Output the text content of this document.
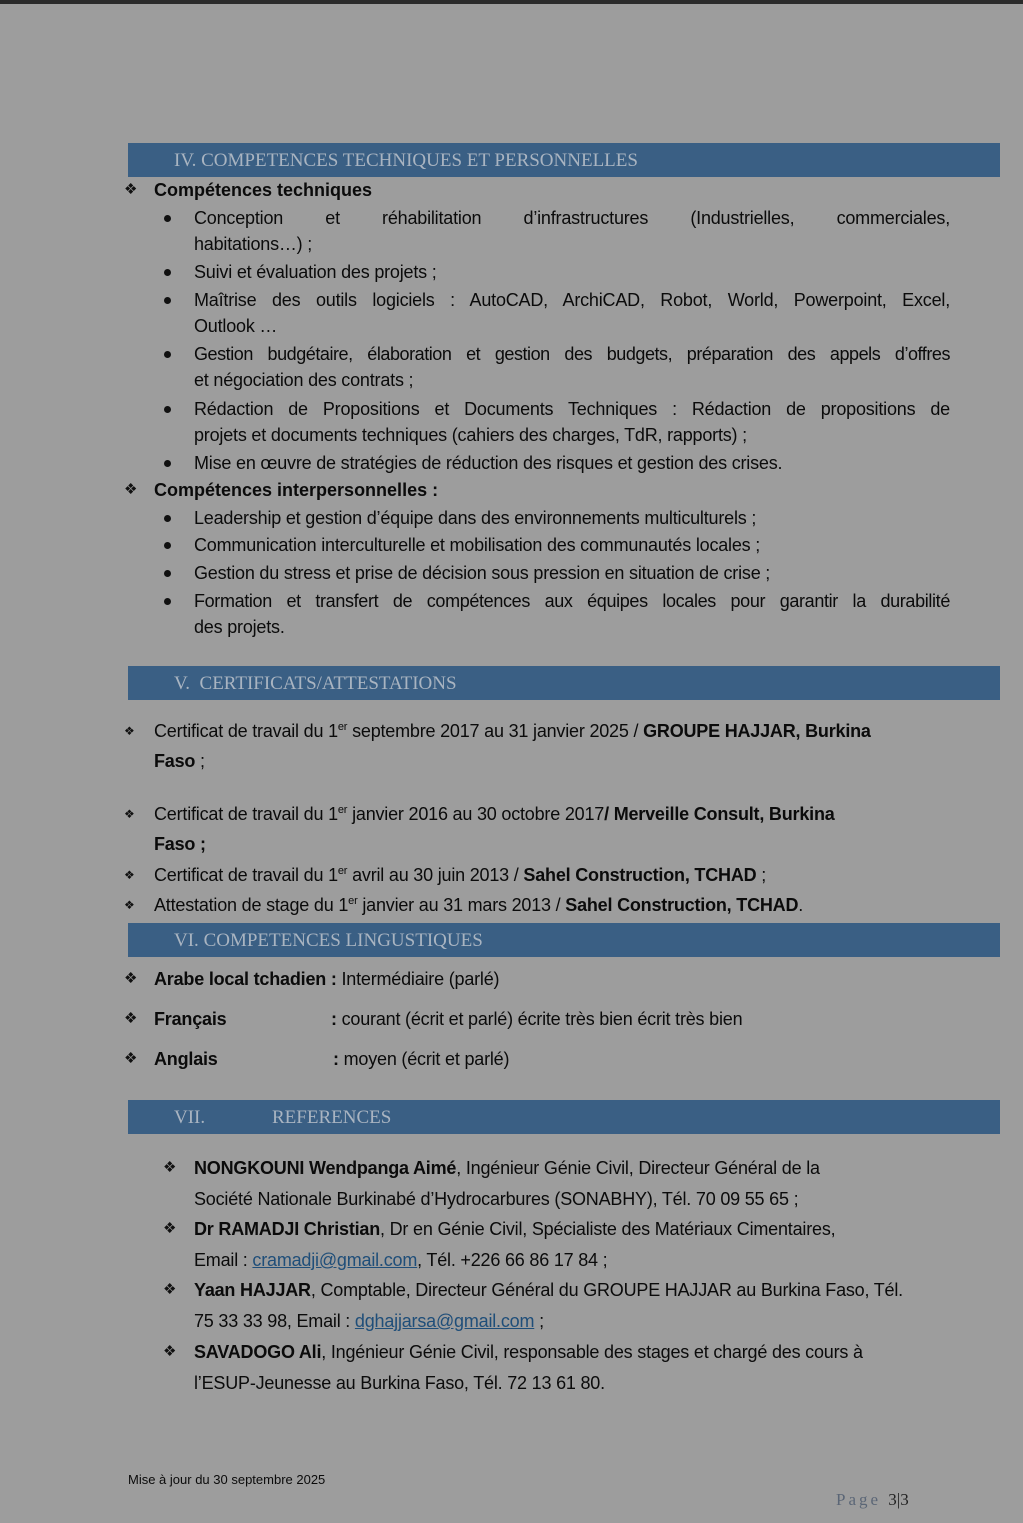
IV. COMPETENCES TECHNIQUES ET PERSONNELLES
❖ Compétences techniques
Conception et réhabilitation d’infrastructures (Industrielles, commerciales,
habitations…) ;
Suivi et évaluation des projets ;
Maîtrise des outils logiciels : AutoCAD, ArchiCAD, Robot, World, Powerpoint, Excel,
Outlook …
Gestion budgétaire, élaboration et gestion des budgets, préparation des appels d’offres
et négociation des contrats ;
Rédaction de Propositions et Documents Techniques : Rédaction de propositions de
projets et documents techniques (cahiers des charges, TdR, rapports) ;
Mise en œuvre de stratégies de réduction des risques et gestion des crises.
❖ Compétences interpersonnelles :
Leadership et gestion d’équipe dans des environnements multiculturels ;
Communication interculturelle et mobilisation des communautés locales ;
Gestion du stress et prise de décision sous pression en situation de crise ;
Formation et transfert de compétences aux équipes locales pour garantir la durabilité
des projets.
V. CERTIFICATS/ATTESTATIONS
❖ Certificat de travail du 1er septembre 2017 au 31 janvier 2025 / GROUPE HAJJAR, Burkina
Faso ;
❖ Certificat de travail du 1er janvier 2016 au 30 octobre 2017/ Merveille Consult, Burkina
Faso ;
❖ Certificat de travail du 1er avril au 30 juin 2013 / Sahel Construction, TCHAD ;
❖ Attestation de stage du 1er janvier au 31 mars 2013 / Sahel Construction, TCHAD.
VI. COMPETENCES LINGUSTIQUES
❖ Arabe local tchadien : Intermédiaire (parlé)
❖ Français	: courant (écrit et parlé) écrite très bien écrit très bien
❖ Anglais	: moyen (écrit et parlé)
VII.	REFERENCES
❖ NONGKOUNI Wendpanga Aimé, Ingénieur Génie Civil, Directeur Général de la
Société Nationale Burkinabé d’Hydrocarbures (SONABHY), Tél. 70 09 55 65 ;
❖ Dr RAMADJI Christian, Dr en Génie Civil, Spécialiste des Matériaux Cimentaires,
Email : cramadji@gmail.com, Tél. +226 66 86 17 84 ;
❖ Yaan HAJJAR, Comptable, Directeur Général du GROUPE HAJJAR au Burkina Faso, Tél.
75 33 33 98, Email : dghajjarsa@gmail.com ;
❖ SAVADOGO Ali, Ingénieur Génie Civil, responsable des stages et chargé des cours à
l’ESUP-Jeunesse au Burkina Faso, Tél. 72 13 61 80.
Mise à jour du 30 septembre 2025
Page 3|3
